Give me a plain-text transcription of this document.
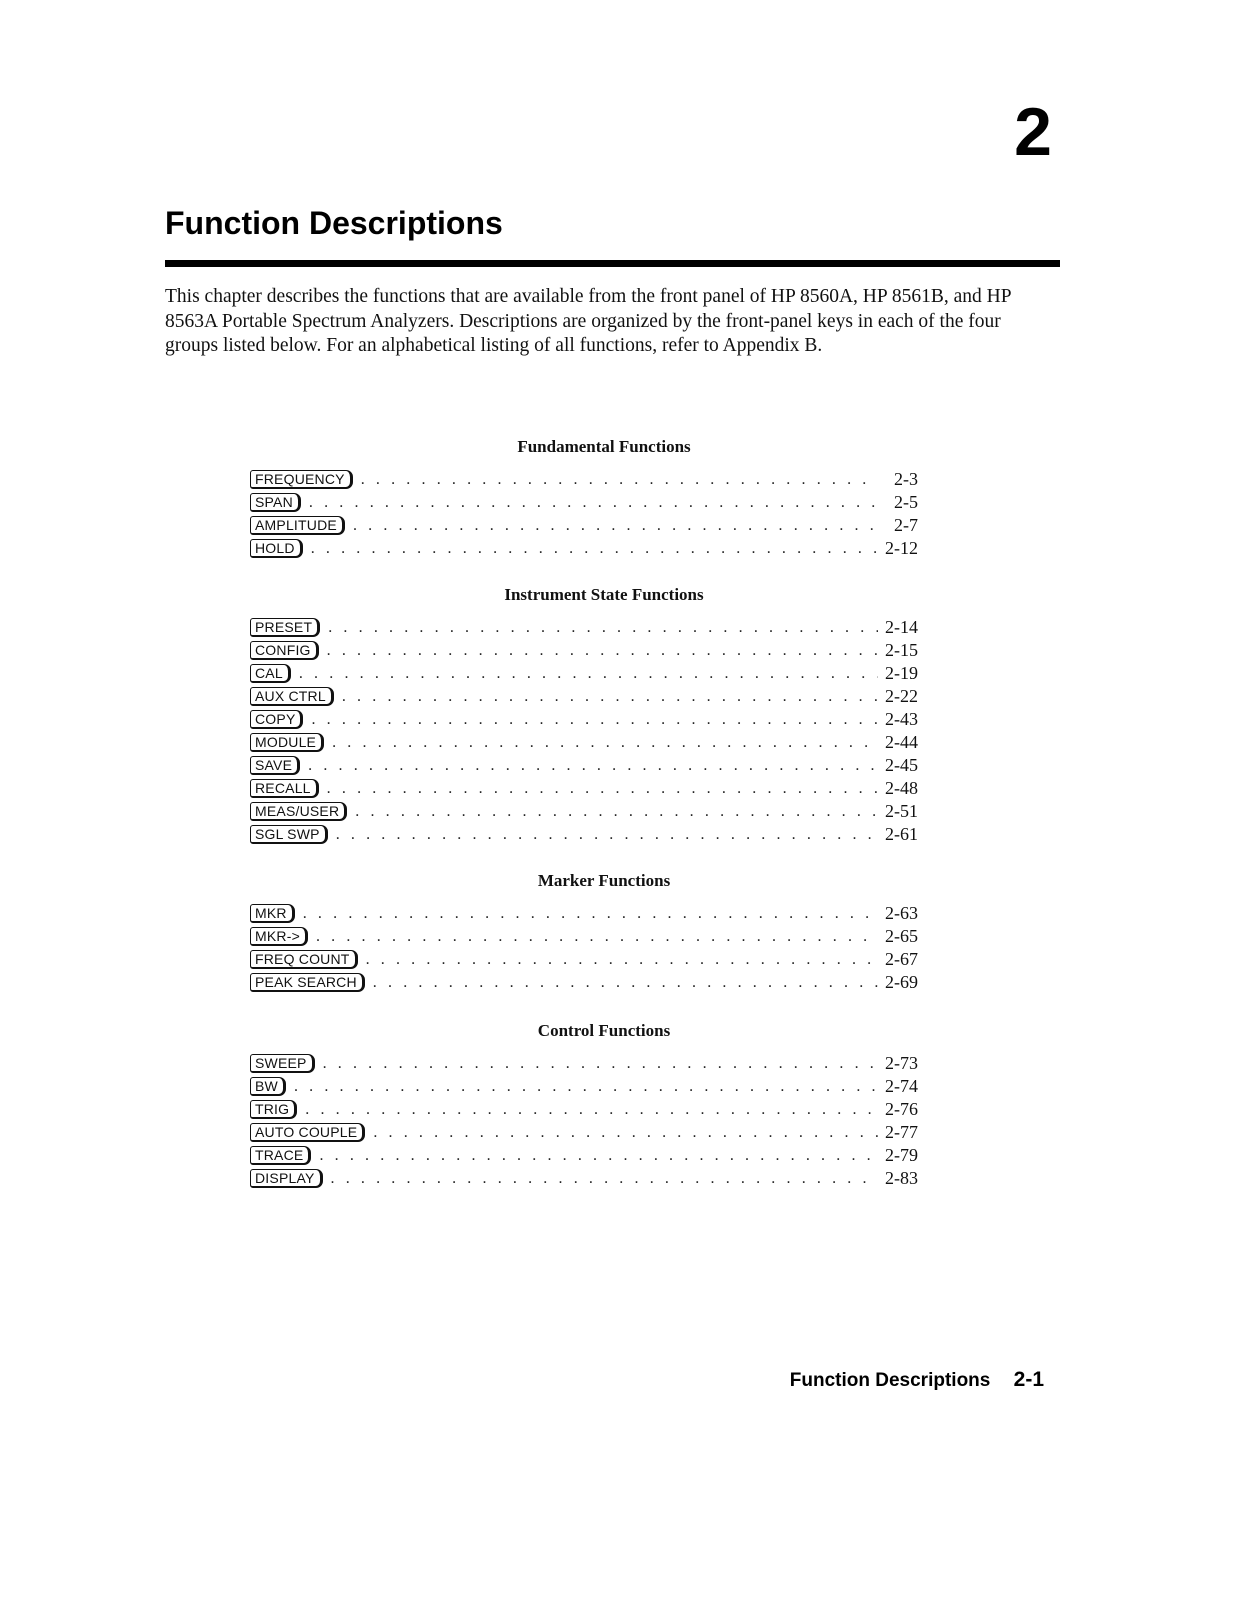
2
Function Descriptions

This chapter describes the functions that are available from the front panel of HP 8560A, HP 8561B, and HP 8563A Portable Spectrum Analyzers. Descriptions are organized by the front-panel keys in each of the four groups listed below. For an alphabetical listing of all functions, refer to Appendix B.

Fundamental Functions
FREQUENCY . . .	2-3
SPAN . . .	2-5
AMPLITUDE . . .	2-7
HOLD . . .	2-12
Instrument State Functions
PRESET . . .	2-14
CONFIG . . .	2-15
CAL . . .	2-19
AUX CTRL . . .	2-22
COPY . . .	2-43
MODULE . . .	2-44
SAVE . . .	2-45
RECALL . . .	2-48
MEAS/USER . . .	2-51
SGL SWP . . .	2-61
Marker Functions
MKR . . .	2-63
MKR-> . . .	2-65
FREQ COUNT . . .	2-67
PEAK SEARCH . . .	2-69
Control Functions
SWEEP . . .	2-73
BW . . .	2-74
TRIG . . .	2-76
AUTO COUPLE . . .	2-77
TRACE . . .	2-79
DISPLAY . . .	2-83
Function Descriptions 2-1
